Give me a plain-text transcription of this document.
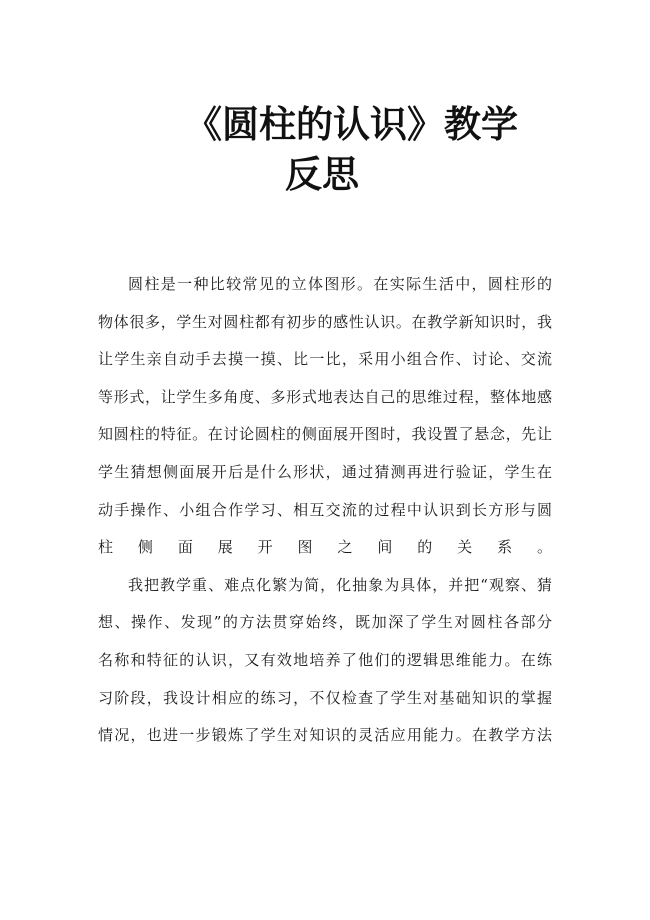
《圆柱的认识》教学
反思

圆柱是一种比较常见的立体图形。在实际生活中，圆柱形的
物体很多，学生对圆柱都有初步的感性认识。在教学新知识时，我
让学生亲自动手去摸一摸、比一比，采用小组合作、讨论、交流
等形式，让学生多角度、多形式地表达自己的思维过程，整体地感
知圆柱的特征。在讨论圆柱的侧面展开图时，我设置了悬念，先让
学生猜想侧面展开后是什么形状，通过猜测再进行验证，学生在
动手操作、小组合作学习、相互交流的过程中认识到长方形与圆
柱侧面展开图之间的关系。

我把教学重、难点化繁为简，化抽象为具体，并把“观察、猜
想、操作、发现”的方法贯穿始终，既加深了学生对圆柱各部分
名称和特征的认识，又有效地培养了他们的逻辑思维能力。在练
习阶段，我设计相应的练习，不仅检查了学生对基础知识的掌握
情况，也进一步锻炼了学生对知识的灵活应用能力。在教学方法
